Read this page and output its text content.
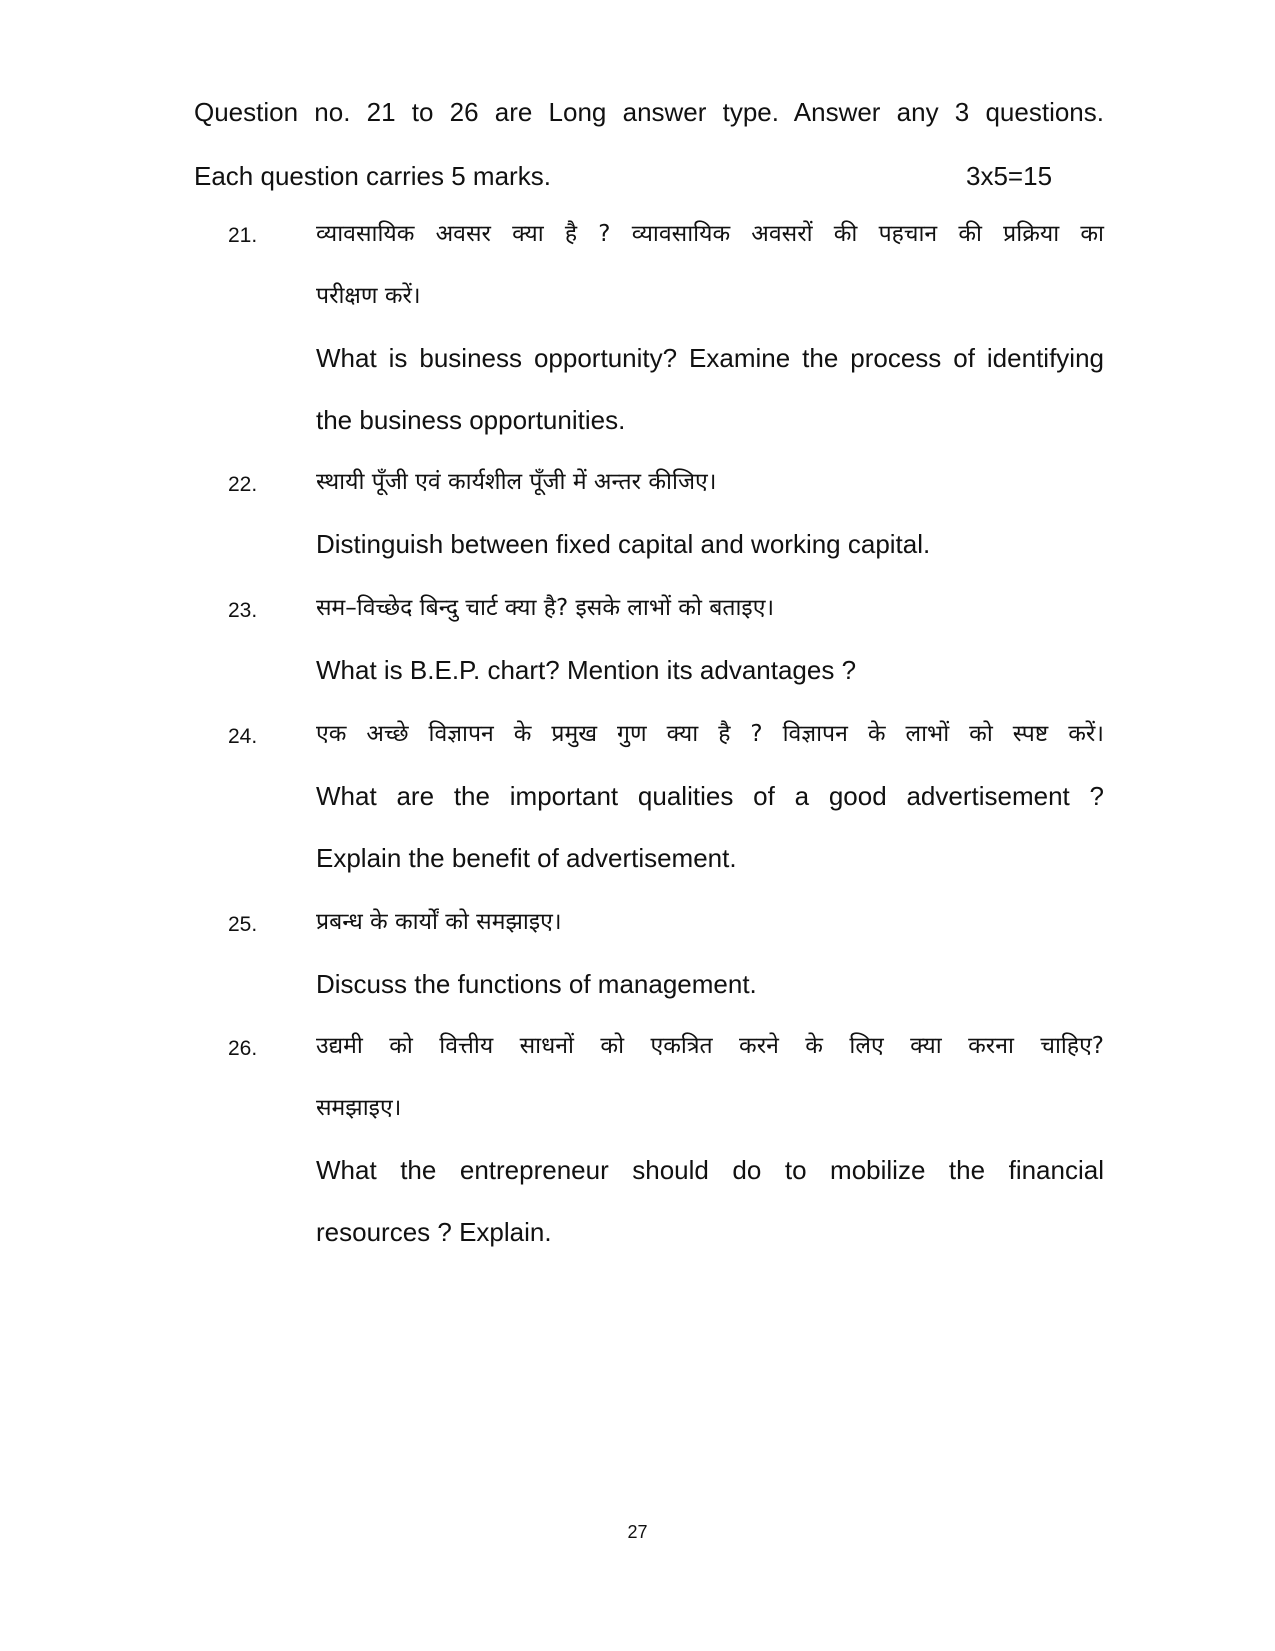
Question no. 21 to 26 are Long answer type. Answer any 3 questions.
Each question carries 5 marks.	3x5=15
21.	व्यावसायिक अवसर क्या है ? व्यावसायिक अवसरों की पहचान की प्रक्रिया का
परीक्षण करें।
What is business opportunity? Examine the process of identifying
the business opportunities.
22.	स्थायी पूँजी एवं कार्यशील पूँजी में अन्तर कीजिए।
Distinguish between fixed capital and working capital.
23.	सम–विच्छेद बिन्दु चार्ट क्या है? इसके लाभों को बताइए।
What is B.E.P. chart? Mention its advantages ?
24.	एक अच्छे विज्ञापन के प्रमुख गुण क्या है ? विज्ञापन के लाभों को स्पष्ट करें।
What are the important qualities of a good advertisement ?
Explain the benefit of advertisement.
25.	प्रबन्ध के कार्यों को समझाइए।
Discuss the functions of management.
26.	उद्यमी को वित्तीय साधनों को एकत्रित करने के लिए क्या करना चाहिए?
समझाइए।
What the entrepreneur should do to mobilize the financial
resources ? Explain.
27
